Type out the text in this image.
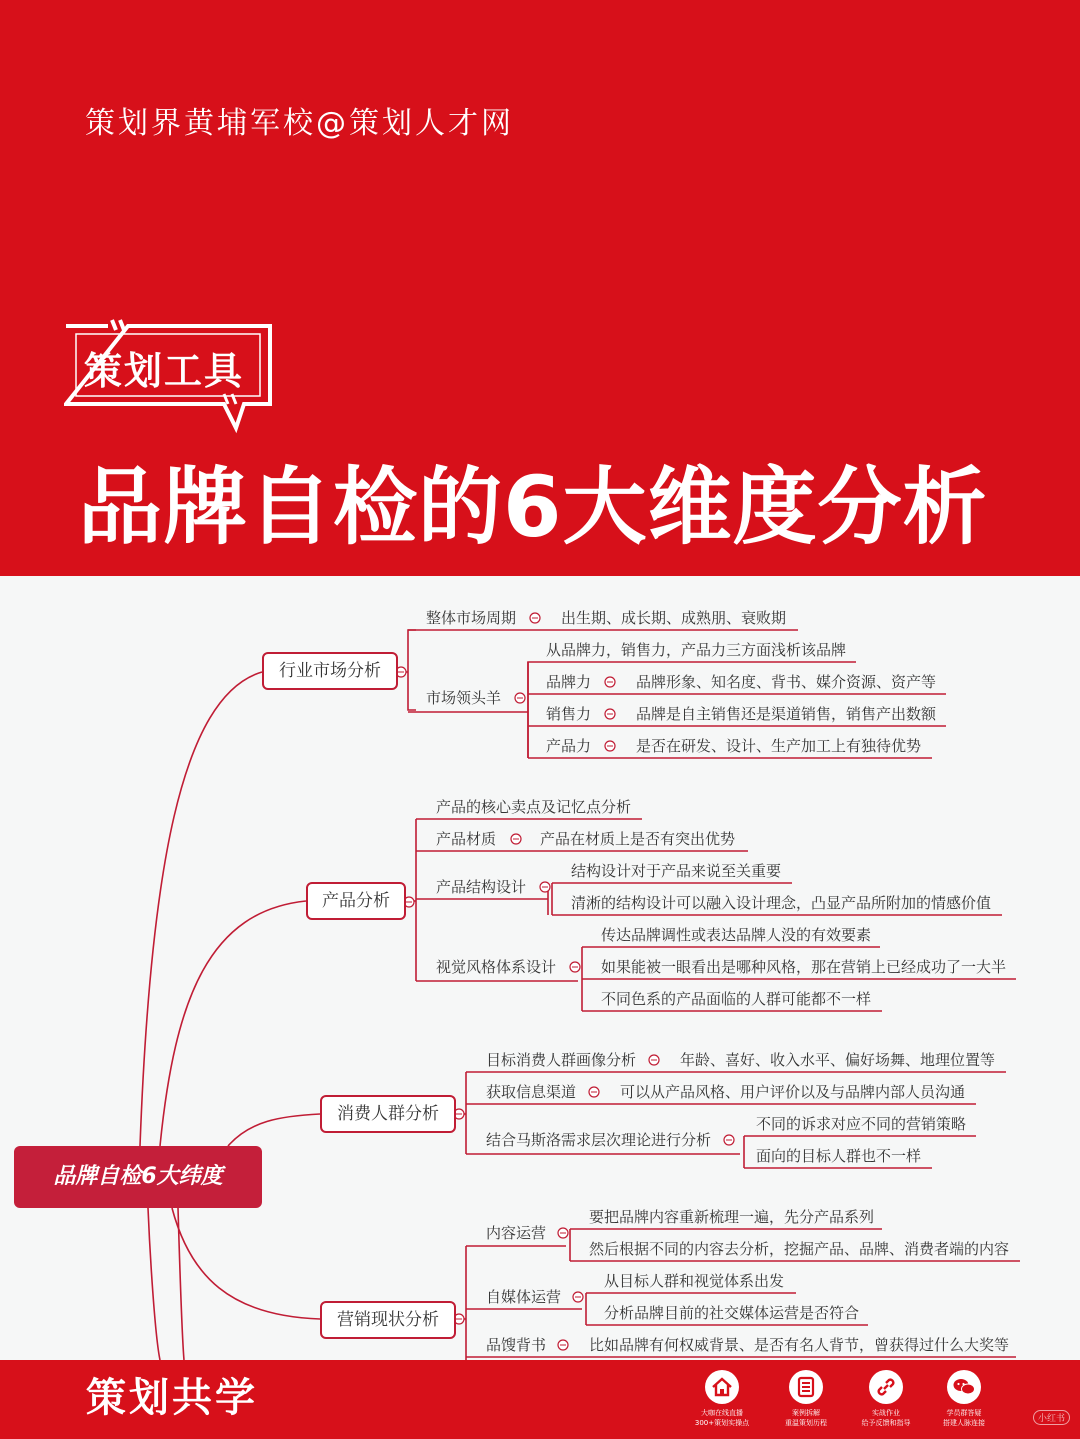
策划界黄埔军校@策划人才网
策划工具
品牌自检的6大维度分析
品牌自检6大纬度
行业市场分析
整体市场周期	出生期、成长期、成熟朋、衰败期
市场领头羊
从品牌力，销售力，产品力三方面浅析该品牌
品牌力	品牌形象、知名度、背书、媒介资源、资产等
销售力	品牌是自主销售还是渠道销售，销售产出数额
产品力	是否在研发、设计、生产加工上有独待优势
产品分析
产品的核心卖点及记忆点分析
产品材质	产品在材质上是否有突出优势
产品结构设计
结构设计对于产品来说至关重要
清淅的结构设计可以融入设计理念，凸显产品所附加的情感价值
视觉风格体系设计
传达品牌调性或表达品牌人没的有效要素
如果能被一眼看出是哪种风格，那在营销上已经成功了一大半
不同色系的产品面临的人群可能都不一样
消费人群分析
目标消费人群画像分析	年龄、喜好、收入水平、偏好场舞、地理位置等
获取信息渠道	可以从产品风格、用户评价以及与品牌内部人员沟通
结合马斯洛需求层次理论进行分析
不同的诉求对应不同的营销策略
面向的目标人群也不一样
营销现状分析
内容运营
要把品牌内容重新梳理一遍，先分产品系列
然后根据不同的内容去分析，挖掘产品、品牌、消费者端的内容
自媒体运营
从目标人群和视觉体系出发
分析品牌目前的社交媒体运营是否符合
品馊背书	比如品牌有何权威背景、是否有名人背节，曾获得过什么大奖等
策划共学	大咖在线直播
300+策划实操点
案例拆解
重温策划历程
实战作业
给予反馈和指导
学员群答疑
搭建人脉连接	小红书
